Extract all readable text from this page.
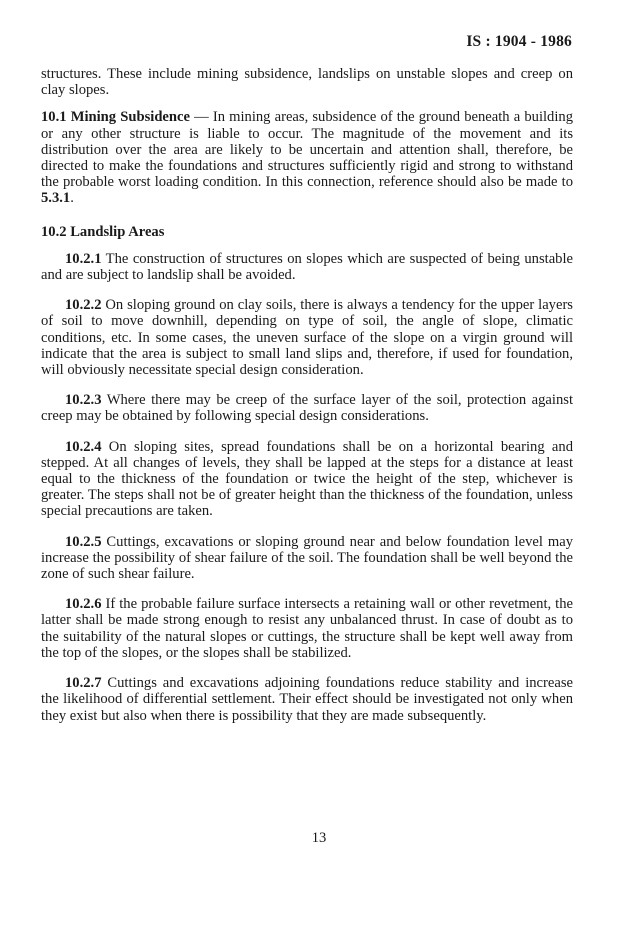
IS : 1904 - 1986

structures. These include mining subsidence, landslips on unstable slopes and creep on clay slopes.

10.1 Mining Subsidence — In mining areas, subsidence of the ground beneath a building or any other structure is liable to occur. The magnitude of the movement and its distribution over the area are likely to be uncertain and attention shall, therefore, be directed to make the foundations and structures sufficiently rigid and strong to withstand the probable worst loading condition. In this connection, reference should also be made to 5.3.1.

10.2 Landslip Areas

10.2.1 The construction of structures on slopes which are suspected of being unstable and are subject to landslip shall be avoided.

10.2.2 On sloping ground on clay soils, there is always a tendency for the upper layers of soil to move downhill, depending on type of soil, the angle of slope, climatic conditions, etc. In some cases, the uneven surface of the slope on a virgin ground will indicate that the area is subject to small land slips and, therefore, if used for foundation, will obviously necessitate special design consideration.

10.2.3 Where there may be creep of the surface layer of the soil, protection against creep may be obtained by following special design considerations.

10.2.4 On sloping sites, spread foundations shall be on a horizontal bearing and stepped. At all changes of levels, they shall be lapped at the steps for a distance at least equal to the thickness of the foundation or twice the height of the step, whichever is greater. The steps shall not be of greater height than the thickness of the foundation, unless special precautions are taken.

10.2.5 Cuttings, excavations or sloping ground near and below foundation level may increase the possibility of shear failure of the soil. The foundation shall be well beyond the zone of such shear failure.

10.2.6 If the probable failure surface intersects a retaining wall or other revetment, the latter shall be made strong enough to resist any unbalanced thrust. In case of doubt as to the suitability of the natural slopes or cuttings, the structure shall be kept well away from the top of the slopes, or the slopes shall be stabilized.

10.2.7 Cuttings and excavations adjoining foundations reduce stability and increase the likelihood of differential settlement. Their effect should be investigated not only when they exist but also when there is possibility that they are made subsequently.

13
